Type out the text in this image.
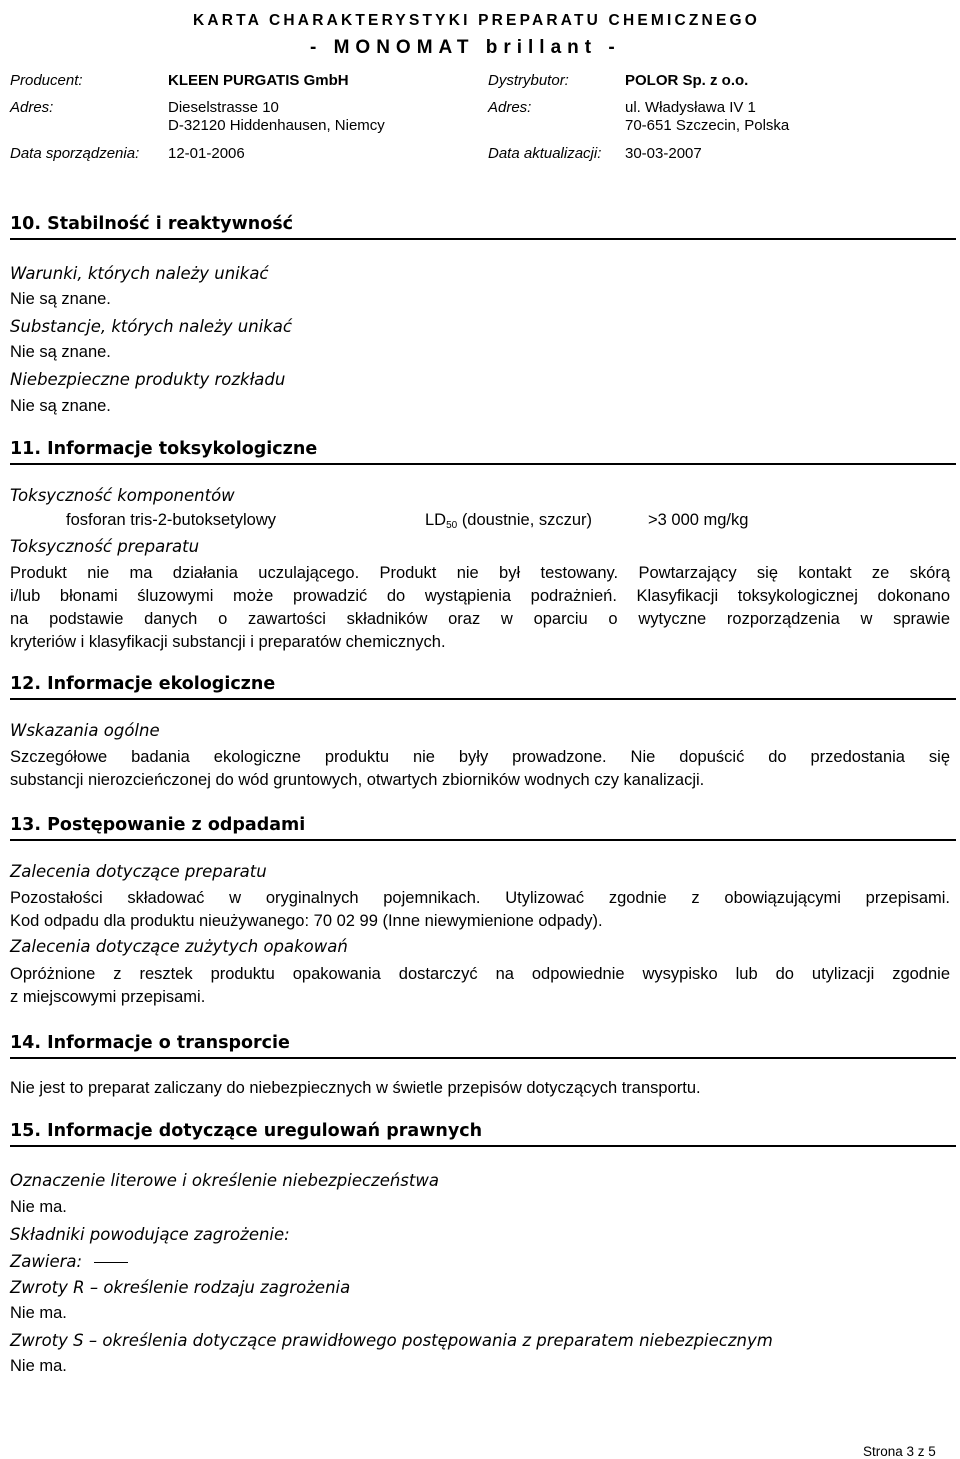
KARTA CHARAKTERYSTYKI PREPARATU CHEMICZNEGO
- MONOMAT brillant -
Producent:	KLEEN PURGATIS GmbH	Dystrybutor:	POLOR Sp. z o.o.
Adres:	Dieselstrasse 10
D-32120 Hiddenhausen, Niemcy
Adres:	ul. Władysława IV 1
70-651 Szczecin, Polska
Data sporządzenia: 12-01-2006	Data aktualizacji: 30-03-2007
10. Stabilność i reaktywność
Warunki, których należy unikać
Nie są znane.
Substancje, których należy unikać
Nie są znane.
Niebezpieczne produkty rozkładu
Nie są znane.
11. Informacje toksykologiczne
Toksyczność komponentów
fosforan tris-2-butoksetylowy	$LD_{50}$ (doustnie, szczur)	>3 000 mg/kg
Toksyczność preparatu
Produkt nie ma działania uczulającego. Produkt nie był testowany. Powtarzający się kontakt ze skórą
i/lub błonami śluzowymi może prowadzić do wystąpienia podrażnień. Klasyfikacji toksykologicznej dokonano
na podstawie danych o zawartości składników oraz w oparciu o wytyczne rozporządzenia w sprawie
kryteriów i klasyfikacji substancji i preparatów chemicznych.
12. Informacje ekologiczne
Wskazania ogólne
Szczegółowe badania ekologiczne produktu nie były prowadzone. Nie dopuścić do przedostania się
substancji nierozcieńczonej do wód gruntowych, otwartych zbiorników wodnych czy kanalizacji.
13. Postępowanie z odpadami
Zalecenia dotyczące preparatu
Pozostałości składować w oryginalnych pojemnikach. Utylizować zgodnie z obowiązującymi przepisami.
Kod odpadu dla produktu nieużywanego: 70 02 99 (Inne niewymienione odpady).
Zalecenia dotyczące zużytych opakowań
Opróżnione z resztek produktu opakowania dostarczyć na odpowiednie wysypisko lub do utylizacji zgodnie
z miejscowymi przepisami.
14. Informacje o transporcie
Nie jest to preparat zaliczany do niebezpiecznych w świetle przepisów dotyczących transportu.
15. Informacje dotyczące uregulowań prawnych
Oznaczenie literowe i określenie niebezpieczeństwa
Nie ma.
Składniki powodujące zagrożenie:
Zawiera:
Zwroty R – określenie rodzaju zagrożenia
Nie ma.
Zwroty S – określenia dotyczące prawidłowego postępowania z preparatem niebezpiecznym
Nie ma.
Strona 3 z 5
